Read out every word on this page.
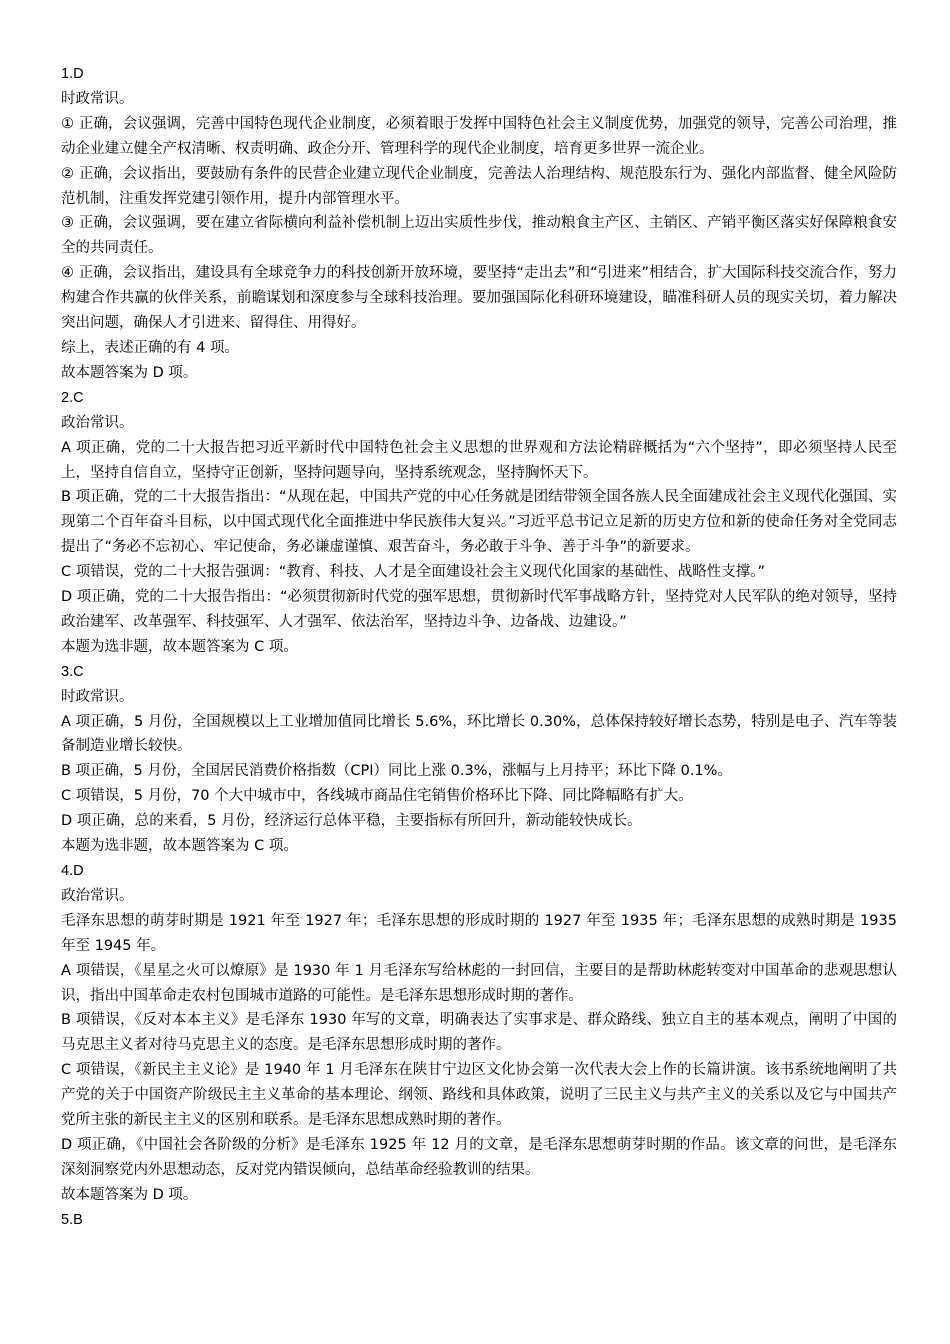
1.D

时政常识。

① 正确，会议强调，完善中国特色现代企业制度，必须着眼于发挥中国特色社会主义制度优势，加强党的领导，完善公司治理，推动企业建立健全产权清晰、权责明确、政企分开、管理科学的现代企业制度，培育更多世界一流企业。

② 正确，会议指出，要鼓励有条件的民营企业建立现代企业制度，完善法人治理结构、规范股东行为、强化内部监督、健全风险防范机制，注重发挥党建引领作用，提升内部管理水平。

③ 正确，会议强调，要在建立省际横向利益补偿机制上迈出实质性步伐，推动粮食主产区、主销区、产销平衡区落实好保障粮食安全的共同责任。

④ 正确，会议指出，建设具有全球竞争力的科技创新开放环境，要坚持“走出去”和“引进来”相结合，扩大国际科技交流合作，努力构建合作共赢的伙伴关系，前瞻谋划和深度参与全球科技治理。要加强国际化科研环境建设，瞄准科研人员的现实关切，着力解决突出问题，确保人才引进来、留得住、用得好。

综上，表述正确的有 4 项。

故本题答案为 D 项。

2.C

政治常识。

A 项正确，党的二十大报告把习近平新时代中国特色社会主义思想的世界观和方法论精辟概括为“六个坚持”，即必须坚持人民至上，坚持自信自立，坚持守正创新，坚持问题导向，坚持系统观念，坚持胸怀天下。

B 项正确，党的二十大报告指出：“从现在起，中国共产党的中心任务就是团结带领全国各族人民全面建成社会主义现代化强国、实现第二个百年奋斗目标，以中国式现代化全面推进中华民族伟大复兴。”习近平总书记立足新的历史方位和新的使命任务对全党同志提出了“务必不忘初心、牢记使命，务必谦虚谨慎、艰苦奋斗，务必敢于斗争、善于斗争”的新要求。

C 项错误，党的二十大报告强调：“教育、科技、人才是全面建设社会主义现代化国家的基础性、战略性支撑。”

D 项正确，党的二十大报告指出：“必须贯彻新时代党的强军思想，贯彻新时代军事战略方针，坚持党对人民军队的绝对领导，坚持政治建军、改革强军、科技强军、人才强军、依法治军，坚持边斗争、边备战、边建设。”

本题为选非题，故本题答案为 C 项。

3.C

时政常识。

A 项正确，5 月份，全国规模以上工业增加值同比增长 5.6%，环比增长 0.30%，总体保持较好增长态势，特别是电子、汽车等装备制造业增长较快。

B 项正确，5 月份，全国居民消费价格指数（CPI）同比上涨 0.3%，涨幅与上月持平；环比下降 0.1%。

C 项错误，5 月份，70 个大中城市中，各线城市商品住宅销售价格环比下降、同比降幅略有扩大。

D 项正确，总的来看，5 月份，经济运行总体平稳，主要指标有所回升，新动能较快成长。

本题为选非题，故本题答案为 C 项。

4.D

政治常识。

毛泽东思想的萌芽时期是 1921 年至 1927 年；毛泽东思想的形成时期的 1927 年至 1935 年；毛泽东思想的成熟时期是 1935 年至 1945 年。

A 项错误，《星星之火可以燎原》是 1930 年 1 月毛泽东写给林彪的一封回信，主要目的是帮助林彪转变对中国革命的悲观思想认识，指出中国革命走农村包围城市道路的可能性。是毛泽东思想形成时期的著作。

B 项错误，《反对本本主义》是毛泽东 1930 年写的文章，明确表达了实事求是、群众路线、独立自主的基本观点，阐明了中国的马克思主义者对待马克思主义的态度。是毛泽东思想形成时期的著作。

C 项错误，《新民主主义论》是 1940 年 1 月毛泽东在陕甘宁边区文化协会第一次代表大会上作的长篇讲演。该书系统地阐明了共产党的关于中国资产阶级民主主义革命的基本理论、纲领、路线和具体政策，说明了三民主义与共产主义的关系以及它与中国共产党所主张的新民主主义的区别和联系。是毛泽东思想成熟时期的著作。

D 项正确，《中国社会各阶级的分析》是毛泽东 1925 年 12 月的文章，是毛泽东思想萌芽时期的作品。该文章的问世，是毛泽东深刻洞察党内外思想动态，反对党内错误倾向，总结革命经验教训的结果。

故本题答案为 D 项。

5.B
